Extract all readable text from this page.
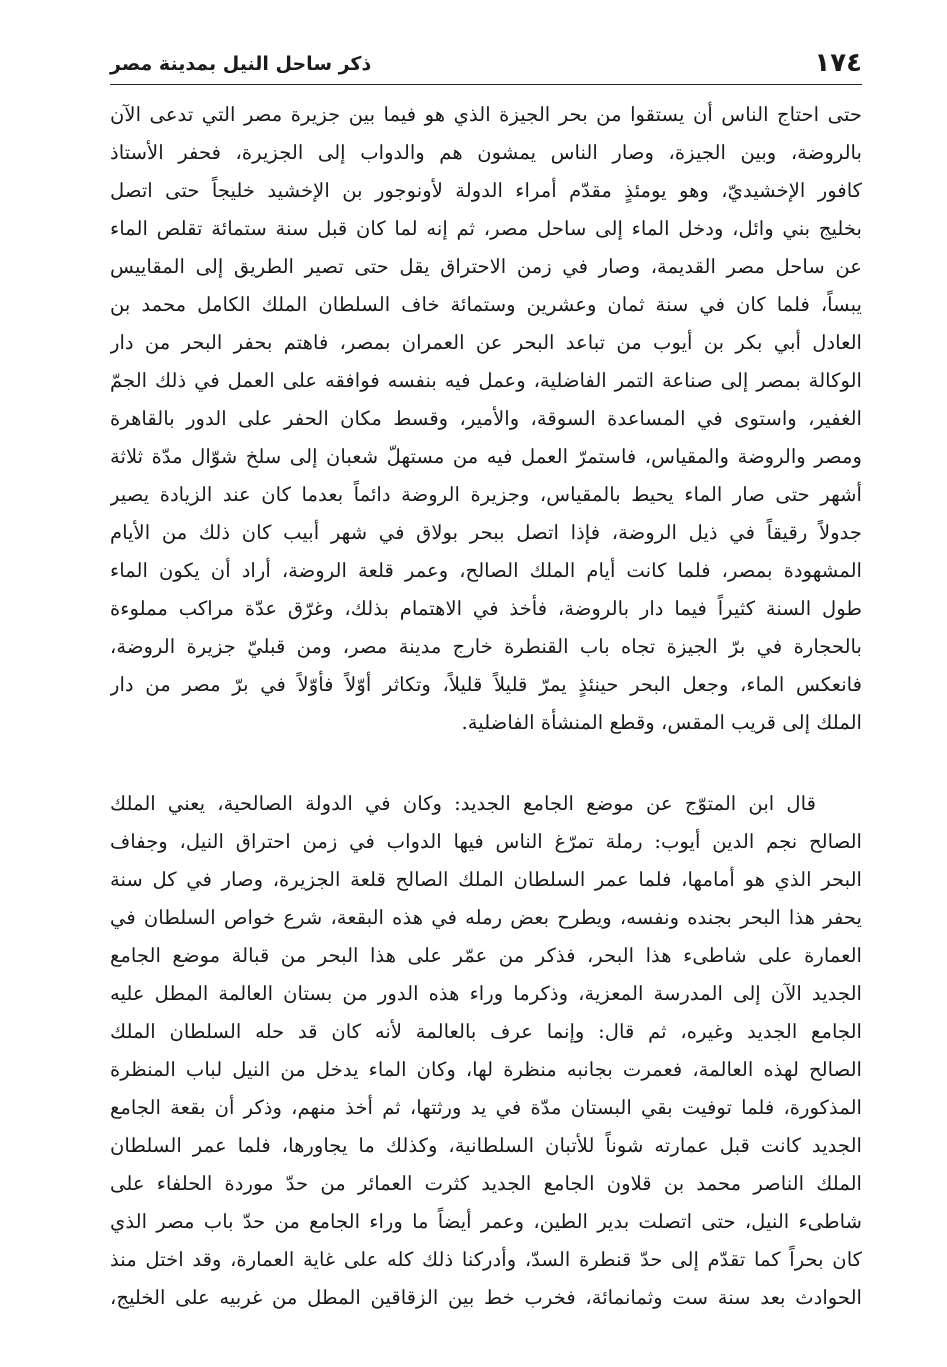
١٧٤
ذكر ساحل النيل بمدينة مصر
حتى احتاج الناس أن يستقوا من بحر الجيزة الذي هو فيما بين جزيرة مصر التي تدعى الآن
بالروضة، وبين الجيزة، وصار الناس يمشون هم والدواب إلى الجزيرة، فحفر الأستاذ
كافور الإخشيديّ، وهو يومئذٍ مقدّم أمراء الدولة لأونوجور بن الإخشيد خليجاً حتى اتصل
بخليج بني وائل، ودخل الماء إلى ساحل مصر، ثم إنه لما كان قبل سنة ستمائة تقلص الماء
عن ساحل مصر القديمة، وصار في زمن الاحتراق يقل حتى تصير الطريق إلى المقاييس
يبساً، فلما كان في سنة ثمان وعشرين وستمائة خاف السلطان الملك الكامل محمد بن
العادل أبي بكر بن أيوب من تباعد البحر عن العمران بمصر، فاهتم بحفر البحر من دار
الوكالة بمصر إلى صناعة التمر الفاضلية، وعمل فيه بنفسه فوافقه على العمل في ذلك الجمّ
الغفير، واستوى في المساعدة السوقة، والأمير، وقسط مكان الحفر على الدور بالقاهرة
ومصر والروضة والمقياس، فاستمرّ العمل فيه من مستهلّ شعبان إلى سلخ شوّال مدّة ثلاثة
أشهر حتى صار الماء يحيط بالمقياس، وجزيرة الروضة دائماً بعدما كان عند الزيادة يصير
جدولاً رقيقاً في ذيل الروضة، فإذا اتصل ببحر بولاق في شهر أبيب كان ذلك من الأيام
المشهودة بمصر، فلما كانت أيام الملك الصالح، وعمر قلعة الروضة، أراد أن يكون الماء
طول السنة كثيراً فيما دار بالروضة، فأخذ في الاهتمام بذلك، وغرّق عدّة مراكب مملوءة
بالحجارة في برّ الجيزة تجاه باب القنطرة خارج مدينة مصر، ومن قبليّ جزيرة الروضة،
فانعكس الماء، وجعل البحر حينئذٍ يمرّ قليلاً قليلاً، وتكاثر أوّلاً فأوّلاً في برّ مصر من دار
الملك إلى قريب المقس، وقطع المنشأة الفاضلية.
قال ابن المتوّج عن موضع الجامع الجديد: وكان في الدولة الصالحية، يعني الملك
الصالح نجم الدين أيوب: رملة تمرّغ الناس فيها الدواب في زمن احتراق النيل، وجفاف
البحر الذي هو أمامها، فلما عمر السلطان الملك الصالح قلعة الجزيرة، وصار في كل سنة
يحفر هذا البحر بجنده ونفسه، ويطرح بعض رمله في هذه البقعة، شرع خواص السلطان في
العمارة على شاطىء هذا البحر، فذكر من عمّر على هذا البحر من قبالة موضع الجامع
الجديد الآن إلى المدرسة المعزية، وذكرما وراء هذه الدور من بستان العالمة المطل عليه
الجامع الجديد وغيره، ثم قال: وإنما عرف بالعالمة لأنه كان قد حله السلطان الملك
الصالح لهذه العالمة، فعمرت بجانبه منظرة لها، وكان الماء يدخل من النيل لباب المنظرة
المذكورة، فلما توفيت بقي البستان مدّة في يد ورثتها، ثم أخذ منهم، وذكر أن بقعة الجامع
الجديد كانت قبل عمارته شوناً للأتبان السلطانية، وكذلك ما يجاورها، فلما عمر السلطان
الملك الناصر محمد بن قلاون الجامع الجديد كثرت العمائر من حدّ موردة الحلفاء على
شاطىء النيل، حتى اتصلت بدير الطين، وعمر أيضاً ما وراء الجامع من حدّ باب مصر الذي
كان بحراً كما تقدّم إلى حدّ قنطرة السدّ، وأدركنا ذلك كله على غاية العمارة، وقد اختل منذ
الحوادث بعد سنة ست وثمانمائة، فخرب خط بين الزقاقين المطل من غربيه على الخليج،
